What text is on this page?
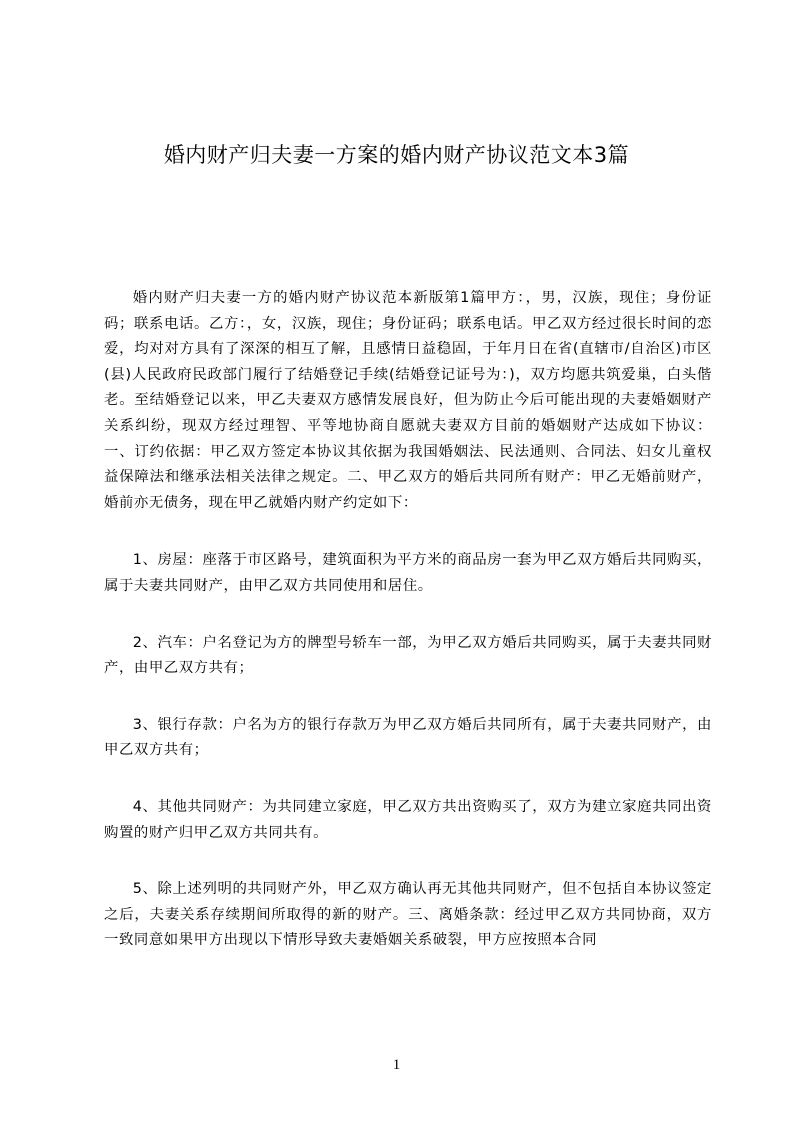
婚内财产归夫妻一方案的婚内财产协议范文本3篇

婚内财产归夫妻一方的婚内财产协议范本新版第1篇甲方：，男，汉族，现住；身份证码；联系电话。乙方：，女，汉族，现住；身份证码；联系电话。甲乙双方经过很长时间的恋爱，均对对方具有了深深的相互了解，且感情日益稳固，于年月日在省(直辖市/自治区)市区(县)人民政府民政部门履行了结婚登记手续(结婚登记证号为：)，双方均愿共筑爱巢，白头偕老。至结婚登记以来，甲乙夫妻双方感情发展良好，但为防止今后可能出现的夫妻婚姻财产关系纠纷，现双方经过理智、平等地协商自愿就夫妻双方目前的婚姻财产达成如下协议：一、订约依据：甲乙双方签定本协议其依据为我国婚姻法、民法通则、合同法、妇女儿童权益保障法和继承法相关法律之规定。二、甲乙双方的婚后共同所有财产：甲乙无婚前财产，婚前亦无债务，现在甲乙就婚内财产约定如下：

1、房屋：座落于市区路号，建筑面积为平方米的商品房一套为甲乙双方婚后共同购买，属于夫妻共同财产，由甲乙双方共同使用和居住。

2、汽车：户名登记为方的牌型号轿车一部，为甲乙双方婚后共同购买，属于夫妻共同财产，由甲乙双方共有；

3、银行存款：户名为方的银行存款万为甲乙双方婚后共同所有，属于夫妻共同财产，由甲乙双方共有；

4、其他共同财产：为共同建立家庭，甲乙双方共出资购买了，双方为建立家庭共同出资购置的财产归甲乙双方共同共有。

5、除上述列明的共同财产外，甲乙双方确认再无其他共同财产，但不包括自本协议签定之后，夫妻关系存续期间所取得的新的财产。三、离婚条款：经过甲乙双方共同协商，双方一致同意如果甲方出现以下情形导致夫妻婚姻关系破裂，甲方应按照本合同

1
